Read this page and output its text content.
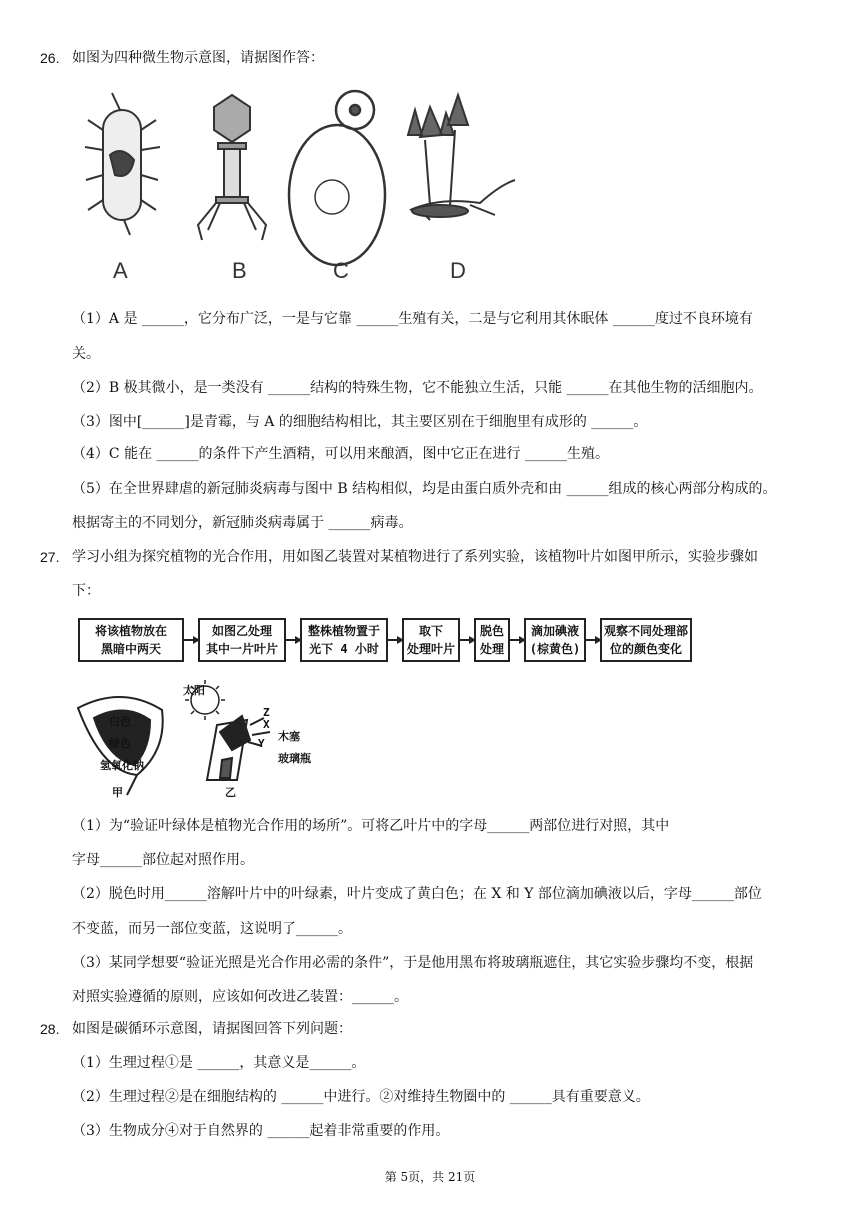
26. 如图为四种微生物示意图，请据图作答：
A	B	C	D
（1）A 是 ______，它分布广泛，一是与它靠 ______生殖有关，二是与它利用其休眠体 ______度过不良环境有
关。
（2）B 极其微小，是一类没有 ______结构的特殊生物，它不能独立生活，只能 ______在其他生物的活细胞内。
（3）图中[______]是青霉，与 A 的细胞结构相比，其主要区别在于细胞里有成形的 ______。
（4）C 能在 ______的条件下产生酒精，可以用来酿酒，图中它正在进行 ______生殖。
（5）在全世界肆虐的新冠肺炎病毒与图中 B 结构相似，均是由蛋白质外壳和由 ______组成的核心两部分构成的。
根据寄主的不同划分，新冠肺炎病毒属于 ______病毒。
27. 学习小组为探究植物的光合作用，用如图乙装置对某植物进行了系列实验，该植物叶片如图甲所示，实验步骤如
下：
将该植物放在
黑暗中两天
如图乙处理
其中一片叶片
整株植物置于
光下 4 小时
取下
处理叶片
脱色
处理
滴加碘液
(棕黄色)
观察不同处理部
位的颜色变化
太阳
白色
绿色
氢氧化钠
甲	乙
Z
X
Y
木塞
玻璃瓶
（1）为“验证叶绿体是植物光合作用的场所”。可将乙叶片中的字母______两部位进行对照，其中
字母______部位起对照作用。
（2）脱色时用______溶解叶片中的叶绿素，叶片变成了黄白色；在 X 和 Y 部位滴加碘液以后，字母______部位
不变蓝，而另一部位变蓝，这说明了______。
（3）某同学想要“验证光照是光合作用必需的条件”，于是他用黑布将玻璃瓶遮住，其它实验步骤均不变，根据
对照实验遵循的原则，应该如何改进乙装置：______。
28. 如图是碳循环示意图，请据图回答下列问题：
（1）生理过程①是 ______，其意义是______。
（2）生理过程②是在细胞结构的 ______中进行。②对维持生物圈中的 ______具有重要意义。
（3）生物成分④对于自然界的 ______起着非常重要的作用。
第 5页，共 21页
